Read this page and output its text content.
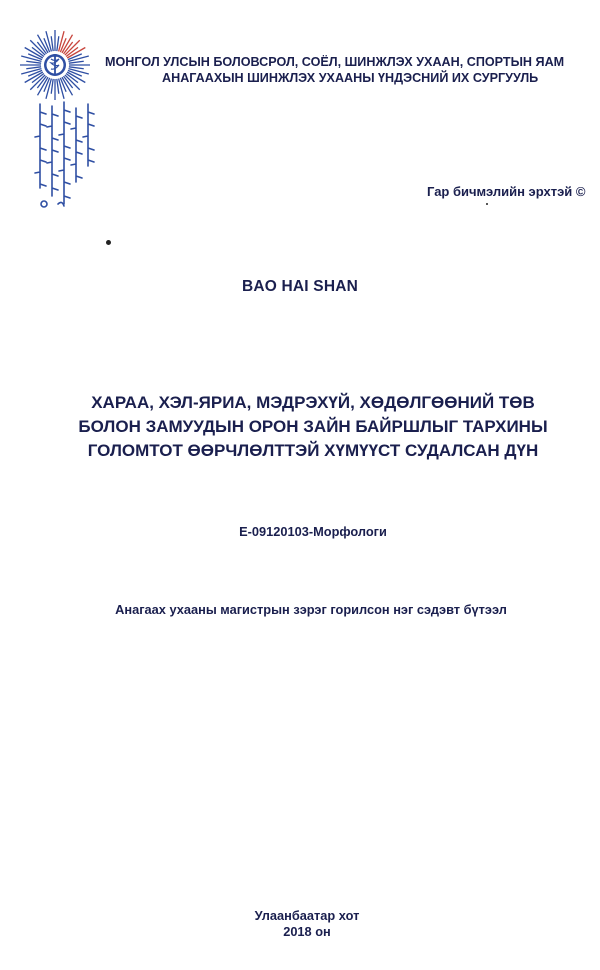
МОНГОЛ УЛСЫН БОЛОВСРОЛ, СОЁЛ, ШИНЖЛЭХ УХААН, СПОРТЫН ЯАМ
АНАГААХЫН ШИНЖЛЭХ УХААНЫ ҮНДЭСНИЙ ИХ СУРГУУЛЬ
Гар бичмэлийн эрхтэй ©
BAO HAI SHAN
ХАРАА, ХЭЛ-ЯРИА, МЭДРЭХҮЙ, ХӨДӨЛГӨӨНИЙ ТӨВ
БОЛОН ЗАМУУДЫН ОРОН ЗАЙН БАЙРШЛЫГ ТАРХИНЫ
ГОЛОМТОТ ӨӨРЧЛӨЛТТЭЙ ХҮМҮҮСТ СУДАЛСАН ДҮН
E-09120103-Морфологи
Анагаах ухааны магистрын зэрэг горилсон нэг сэдэвт бүтээл
Улаанбаатар хот
2018 он
